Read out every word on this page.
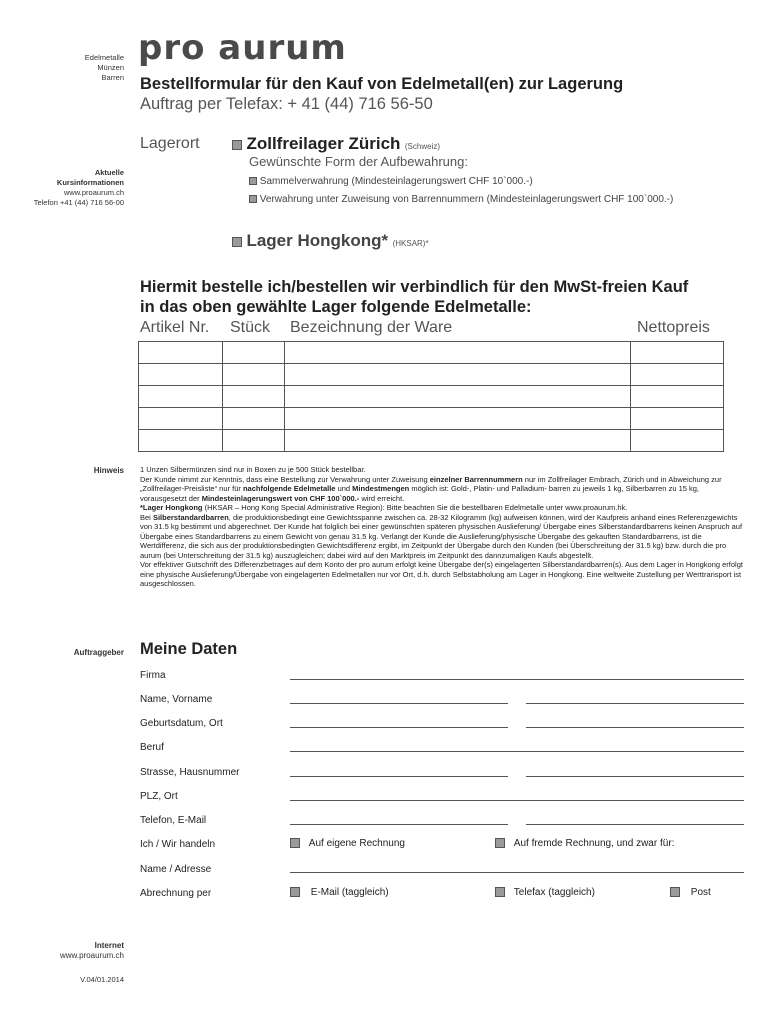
Edelmetalle
Münzen
Barren
Aktuelle
Kursinformationen
www.proaurum.ch
Telefon +41 (44) 716 56-00
Hinweis
Auftraggeber
Internet
www.proaurum.ch
V.04/01.2014
pro aurum
Bestellformular für den Kauf von Edelmetall(en) zur Lagerung
Auftrag per Telefax: + 41 (44) 716 56-50
Lagerort	Zollfreilager Zürich (Schweiz)
Gewünschte Form der Aufbewahrung:
Sammelverwahrung (Mindesteinlagerungswert CHF 10`000.-)
Verwahrung unter Zuweisung von Barrennummern (Mindesteinlagerungswert CHF 100`000.-)
Lager Hongkong* (HKSAR)*
Hiermit bestelle ich/bestellen wir verbindlich für den MwSt-freien Kauf
in das oben gewählte Lager folgende Edelmetalle:
Artikel Nr. Stück Bezeichnung der Ware	Nettopreis

1 Unzen Silbermünzen sind nur in Boxen zu je 500 Stück bestellbar.
Der Kunde nimmt zur Kenntnis, dass eine Bestellung zur Verwahrung unter Zuweisung einzelner Barrennummern nur im Zollfreilager Embrach, Zürich und in Abweichung zur „Zollfreilager-Preisliste“ nur für nachfolgende Edelmetalle und Mindestmengen möglich ist: Gold-, Platin- und Palladium- barren zu jeweils 1 kg, Silberbarren zu 15 kg, vorausgesetzt der Mindesteinlagerungswert von CHF 100`000.- wird erreicht.
*Lager Hongkong (HKSAR – Hong Kong Special Administrative Region): Bitte beachten Sie die bestellbaren Edelmetalle unter www.proaurum.hk.
Bei Silberstandardbarren, die produktionsbedingt eine Gewichtsspanne zwischen ca. 28-32 Kilogramm (kg) aufweisen können, wird der Kaufpreis anhand eines Referenzgewichts von 31.5 kg bestimmt und abgerechnet. Der Kunde hat folglich bei einer gewünschten späteren physischen Auslieferung/ Übergabe eines Silberstandardbarrens keinen Anspruch auf Übergabe eines Standardbarrens zu einem Gewicht von genau 31.5 kg. Verlangt der Kunde die Auslieferung/physische Übergabe des gekauften Standardbarrens, ist die Wertdifferenz, die sich aus der produktionsbedingten Gewichtsdifferenz ergibt, im Zeitpunkt der Übergabe durch den Kunden (bei Überschreitung der 31.5 kg) bzw. durch die pro aurum (bei Unterschreitung der 31.5 kg) auszugleichen; dabei wird auf den Marktpreis im Zeitpunkt des dannzumaligen Kaufs abgestellt.
Vor effektiver Gutschrift des Differenzbetrages auf dem Konto der pro aurum erfolgt keine Übergabe der(s) eingelagerten Silberstandardbarren(s). Aus dem Lager in Hongkong erfolgt eine physische Auslieferung/Übergabe von eingelagerten Edelmetallen nur vor Ort, d.h. durch Selbstabholung am Lager in Hongkong. Eine weltweite Zustellung per Werttransport ist ausgeschlossen.
Meine Daten
Firma
Name, Vorname
Geburtsdatum, Ort
Beruf
Strasse, Hausnummer
PLZ, Ort
Telefon, E-Mail
Ich / Wir handeln	Auf eigene Rechnung	Auf fremde Rechnung, und zwar für:
Name / Adresse
Abrechnung per	E-Mail (taggleich)	Telefax (taggleich)	Post
